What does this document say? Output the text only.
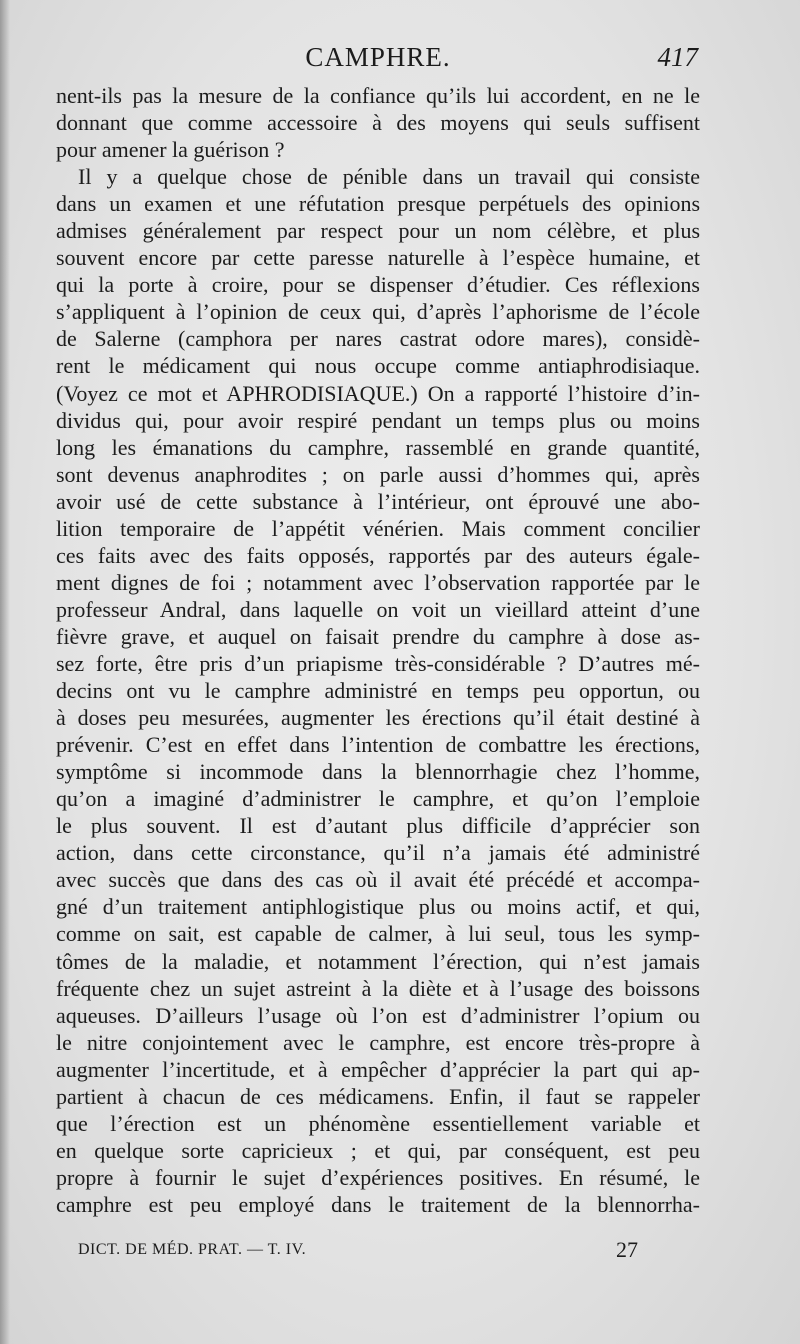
CAMPHRE.	417
nent-ils pas la mesure de la confiance qu’ils lui accordent, en ne le
donnant que comme accessoire à des moyens qui seuls suffisent
pour amener la guérison ?
Il y a quelque chose de pénible dans un travail qui consiste
dans un examen et une réfutation presque perpétuels des opinions
admises généralement par respect pour un nom célèbre, et plus
souvent encore par cette paresse naturelle à l’espèce humaine, et
qui la porte à croire, pour se dispenser d’étudier. Ces réflexions
s’appliquent à l’opinion de ceux qui, d’après l’aphorisme de l’école
de Salerne (camphora per nares castrat odore mares), considè-
rent le médicament qui nous occupe comme antiaphrodisiaque.
(Voyez ce mot et APHRODISIAQUE.) On a rapporté l’histoire d’in-
dividus qui, pour avoir respiré pendant un temps plus ou moins
long les émanations du camphre, rassemblé en grande quantité,
sont devenus anaphrodites ; on parle aussi d’hommes qui, après
avoir usé de cette substance à l’intérieur, ont éprouvé une abo-
lition temporaire de l’appétit vénérien. Mais comment concilier
ces faits avec des faits opposés, rapportés par des auteurs égale-
ment dignes de foi ; notamment avec l’observation rapportée par le
professeur Andral, dans laquelle on voit un vieillard atteint d’une
fièvre grave, et auquel on faisait prendre du camphre à dose as-
sez forte, être pris d’un priapisme très-considérable ? D’autres mé-
decins ont vu le camphre administré en temps peu opportun, ou
à doses peu mesurées, augmenter les érections qu’il était destiné à
prévenir. C’est en effet dans l’intention de combattre les érections,
symptôme si incommode dans la blennorrhagie chez l’homme,
qu’on a imaginé d’administrer le camphre, et qu’on l’emploie
le plus souvent. Il est d’autant plus difficile d’apprécier son
action, dans cette circonstance, qu’il n’a jamais été administré
avec succès que dans des cas où il avait été précédé et accompa-
gné d’un traitement antiphlogistique plus ou moins actif, et qui,
comme on sait, est capable de calmer, à lui seul, tous les symp-
tômes de la maladie, et notamment l’érection, qui n’est jamais
fréquente chez un sujet astreint à la diète et à l’usage des boissons
aqueuses. D’ailleurs l’usage où l’on est d’administrer l’opium ou
le nitre conjointement avec le camphre, est encore très-propre à
augmenter l’incertitude, et à empêcher d’apprécier la part qui ap-
partient à chacun de ces médicamens. Enfin, il faut se rappeler
que l’érection est un phénomène essentiellement variable et
en quelque sorte capricieux ; et qui, par conséquent, est peu
propre à fournir le sujet d’expériences positives. En résumé, le
camphre est peu employé dans le traitement de la blennorrha-
DICT. DE MÉD. PRAT. — T. IV.	27
